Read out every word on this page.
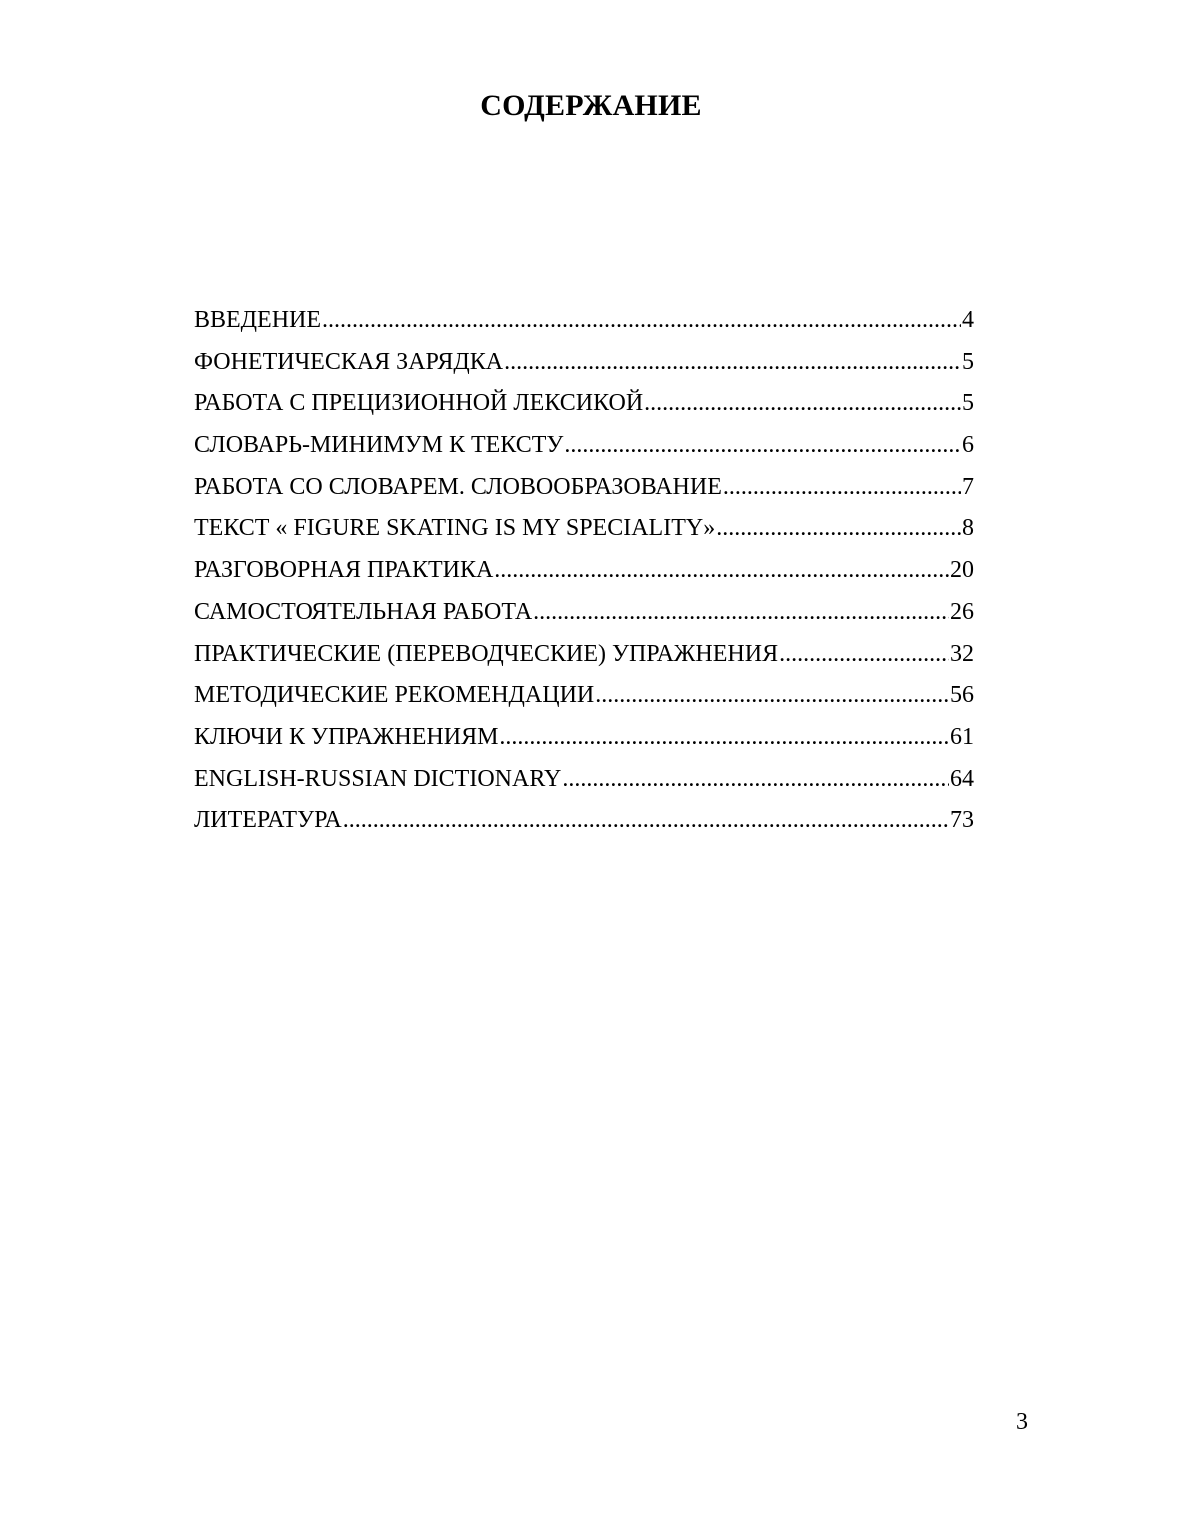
СОДЕРЖАНИЕ
ВВЕДЕНИЕ .....	4
ФОНЕТИЧЕСКАЯ ЗАРЯДКА .....	5
РАБОТА С ПРЕЦИЗИОННОЙ ЛЕКСИКОЙ .....	5
СЛОВАРЬ-МИНИМУМ К ТЕКСТУ .....	6
РАБОТА СО СЛОВАРЕМ. СЛОВООБРАЗОВАНИЕ .....	7
ТЕКСТ « FIGURE SKATING IS MY SPECIALITY» .....	8
РАЗГОВОРНАЯ ПРАКТИКА .....	20
САМОСТОЯТЕЛЬНАЯ РАБОТА .....	26
ПРАКТИЧЕСКИЕ (ПЕРЕВОДЧЕСКИЕ) УПРАЖНЕНИЯ .....	32
МЕТОДИЧЕСКИЕ РЕКОМЕНДАЦИИ .....	56
КЛЮЧИ К УПРАЖНЕНИЯМ .....	61
ENGLISH-RUSSIAN DICTIONARY .....	64
ЛИТЕРАТУРА .....	73
3
